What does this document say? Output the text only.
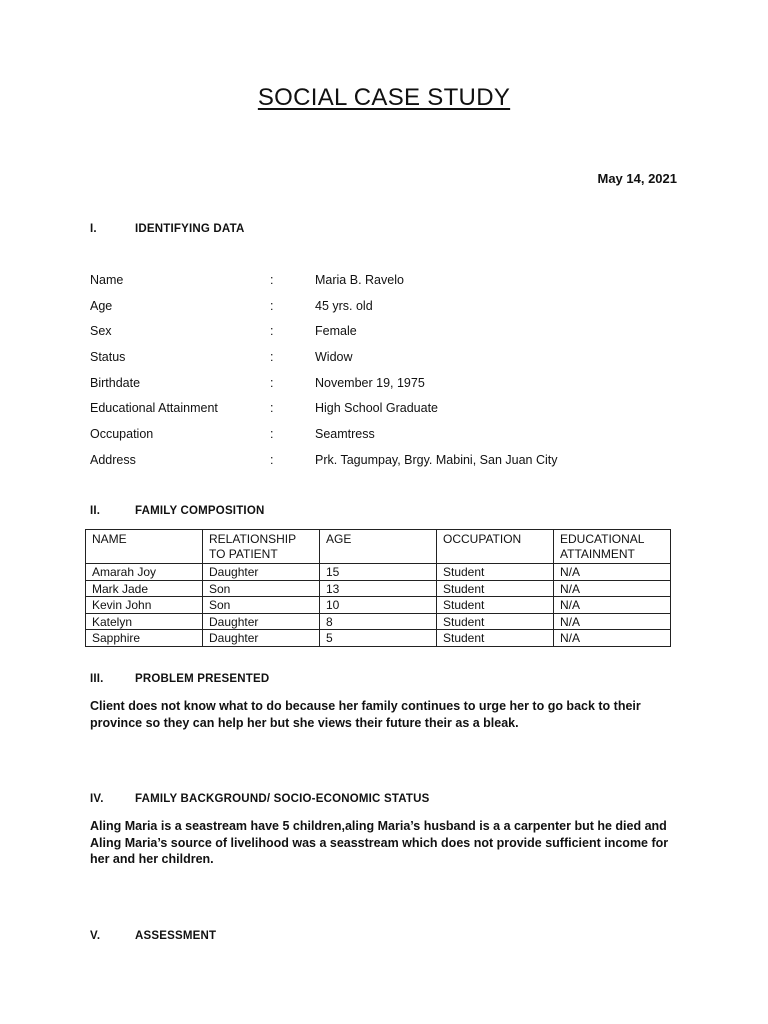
SOCIAL CASE STUDY
May 14, 2021
I.	IDENTIFYING DATA
Name	:	Maria B. Ravelo
Age	:	45 yrs. old
Sex	:	Female
Status	:	Widow
Birthdate	:	November 19, 1975
Educational Attainment	:	High School Graduate
Occupation	:	Seamtress
Address	:	Prk. Tagumpay, Brgy. Mabini, San Juan City
II.	FAMILY COMPOSITION
NAME	RELATIONSHIP TO PATIENT	AGE	OCCUPATION	EDUCATIONAL ATTAINMENT
Amarah Joy	Daughter	15	Student	N/A
Mark Jade	Son	13	Student	N/A
Kevin John	Son	10	Student	N/A
Katelyn	Daughter	8	Student	N/A
Sapphire	Daughter	5	Student	N/A
III.	PROBLEM PRESENTED
Client does not know what to do because her family continues to urge her to go back to their province so they can help her but she views their future their as a bleak.
IV.	FAMILY BACKGROUND/ SOCIO-ECONOMIC STATUS
Aling Maria is a seastream have 5 children,aling Maria’s husband is a a carpenter but he died and Aling Maria’s source of livelihood was a seasstream which does not provide sufficient income for her and her children.
V.	ASSESSMENT
